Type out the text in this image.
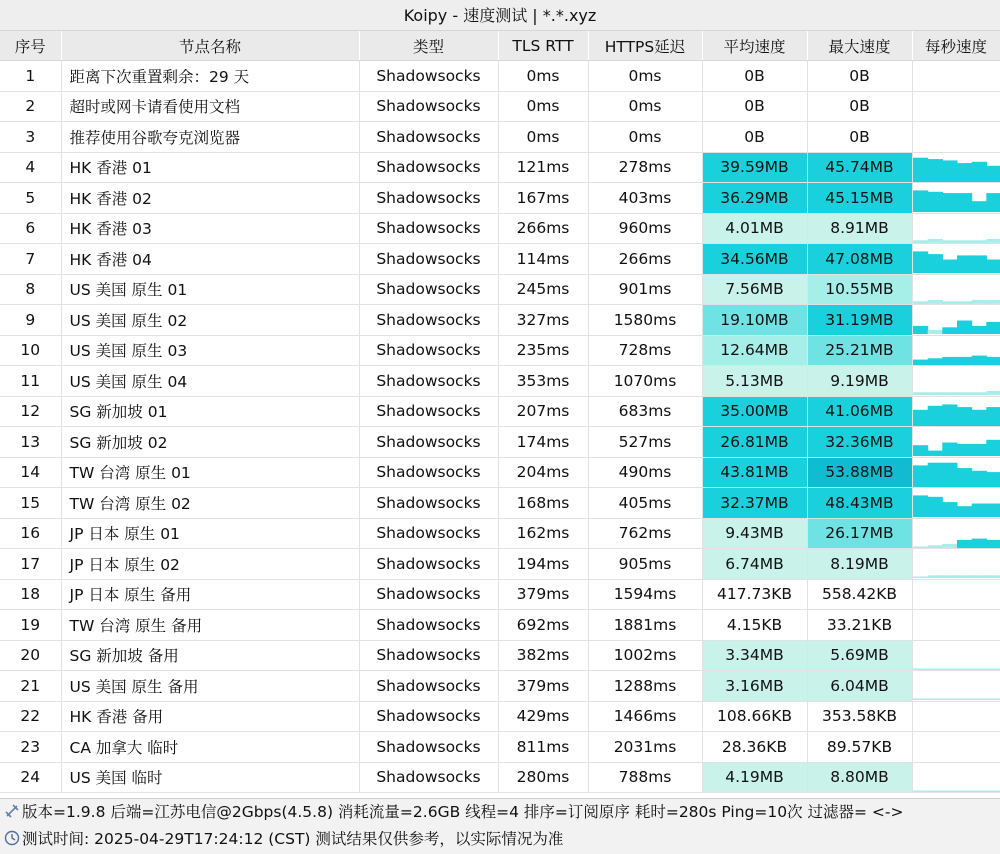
Koipy - 速度测试 | *.*.xyz
序号	节点名称	类型	TLS RTT	HTTPS延迟	平均速度	最大速度	每秒速度
1	距离下次重置剩余：29 天	Shadowsocks	0ms	0ms	0B	0B	

2	超时或网卡请看使用文档	Shadowsocks	0ms	0ms	0B	0B	

3	推荐使用谷歌夸克浏览器	Shadowsocks	0ms	0ms	0B	0B	

4	HK 香港 01	Shadowsocks	121ms	278ms	39.59MB	45.74MB	

5	HK 香港 02	Shadowsocks	167ms	403ms	36.29MB	45.15MB	

6	HK 香港 03	Shadowsocks	266ms	960ms	4.01MB	8.91MB	

7	HK 香港 04	Shadowsocks	114ms	266ms	34.56MB	47.08MB	

8	US 美国 原生 01	Shadowsocks	245ms	901ms	7.56MB	10.55MB	

9	US 美国 原生 02	Shadowsocks	327ms	1580ms	19.10MB	31.19MB	

10	US 美国 原生 03	Shadowsocks	235ms	728ms	12.64MB	25.21MB	

11	US 美国 原生 04	Shadowsocks	353ms	1070ms	5.13MB	9.19MB	

12	SG 新加坡 01	Shadowsocks	207ms	683ms	35.00MB	41.06MB	

13	SG 新加坡 02	Shadowsocks	174ms	527ms	26.81MB	32.36MB	

14	TW 台湾 原生 01	Shadowsocks	204ms	490ms	43.81MB	53.88MB	

15	TW 台湾 原生 02	Shadowsocks	168ms	405ms	32.37MB	48.43MB	

16	JP 日本 原生 01	Shadowsocks	162ms	762ms	9.43MB	26.17MB	

17	JP 日本 原生 02	Shadowsocks	194ms	905ms	6.74MB	8.19MB	

18	JP 日本 原生 备用	Shadowsocks	379ms	1594ms	417.73KB	558.42KB	

19	TW 台湾 原生 备用	Shadowsocks	692ms	1881ms	4.15KB	33.21KB	

20	SG 新加坡 备用	Shadowsocks	382ms	1002ms	3.34MB	5.69MB	

21	US 美国 原生 备用	Shadowsocks	379ms	1288ms	3.16MB	6.04MB	

22	HK 香港 备用	Shadowsocks	429ms	1466ms	108.66KB	353.58KB	

23	CA 加拿大 临时	Shadowsocks	811ms	2031ms	28.36KB	89.57KB	

24	US 美国 临时	Shadowsocks	280ms	788ms	4.19MB	8.80MB	
版本=1.9.8 后端=江苏电信@2Gbps(4.5.8) 消耗流量=2.6GB 线程=4 排序=订阅原序 耗时=280s Ping=10次 过滤器= <->
测试时间: 2025-04-29T17:24:12 (CST) 测试结果仅供参考，以实际情况为准
